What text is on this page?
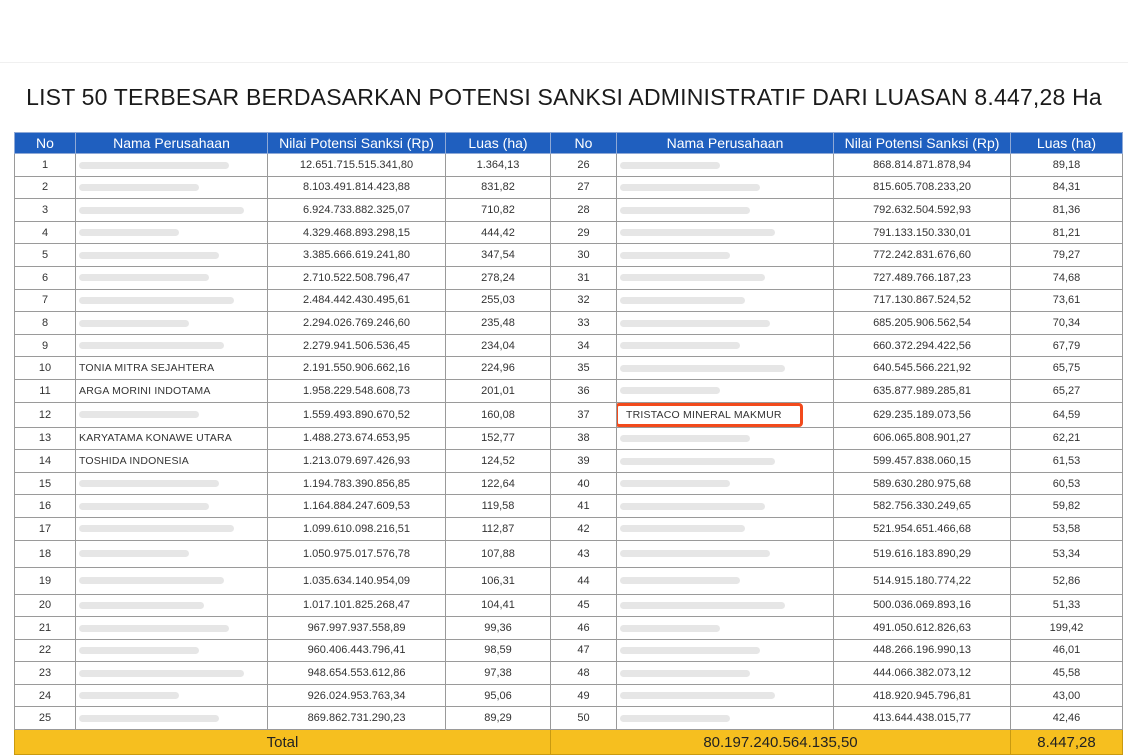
LIST 50 TERBESAR BERDASARKAN POTENSI SANKSI ADMINISTRATIF DARI LUASAN 8.447,28 Ha
No	Nama Perusahaan	Nilai Potensi Sanksi (Rp)	Luas (ha)	No	Nama Perusahaan	Nilai Potensi Sanksi (Rp)	Luas (ha)
1		12.651.715.515.341,80	1.364,13	26		868.814.871.878,94	89,18
2		8.103.491.814.423,88	831,82	27		815.605.708.233,20	84,31
3		6.924.733.882.325,07	710,82	28		792.632.504.592,93	81,36
4		4.329.468.893.298,15	444,42	29		791.133.150.330,01	81,21
5		3.385.666.619.241,80	347,54	30		772.242.831.676,60	79,27
6		2.710.522.508.796,47	278,24	31		727.489.766.187,23	74,68
7		2.484.442.430.495,61	255,03	32		717.130.867.524,52	73,61
8		2.294.026.769.246,60	235,48	33		685.205.906.562,54	70,34
9		2.279.941.506.536,45	234,04	34		660.372.294.422,56	67,79
10	TONIA MITRA SEJAHTERA	2.191.550.906.662,16	224,96	35		640.545.566.221,92	65,75
11	ARGA MORINI INDOTAMA	1.958.229.548.608,73	201,01	36		635.877.989.285,81	65,27
12		1.559.493.890.670,52	160,08	37	TRISTACO MINERAL MAKMUR	629.235.189.073,56	64,59
13	KARYATAMA KONAWE UTARA	1.488.273.674.653,95	152,77	38		606.065.808.901,27	62,21
14	TOSHIDA INDONESIA	1.213.079.697.426,93	124,52	39		599.457.838.060,15	61,53
15		1.194.783.390.856,85	122,64	40		589.630.280.975,68	60,53
16		1.164.884.247.609,53	119,58	41		582.756.330.249,65	59,82
17		1.099.610.098.216,51	112,87	42		521.954.651.466,68	53,58
18		1.050.975.017.576,78	107,88	43		519.616.183.890,29	53,34
19		1.035.634.140.954,09	106,31	44		514.915.180.774,22	52,86
20		1.017.101.825.268,47	104,41	45		500.036.069.893,16	51,33
21		967.997.937.558,89	99,36	46		491.050.612.826,63	199,42
22		960.406.443.796,41	98,59	47		448.266.196.990,13	46,01
23		948.654.553.612,86	97,38	48		444.066.382.073,12	45,58
24		926.024.953.763,34	95,06	49		418.920.945.796,81	43,00
25		869.862.731.290,23	89,29	50		413.644.438.015,77	42,46
Total				80.197.240.564.135,50			8.447,28
